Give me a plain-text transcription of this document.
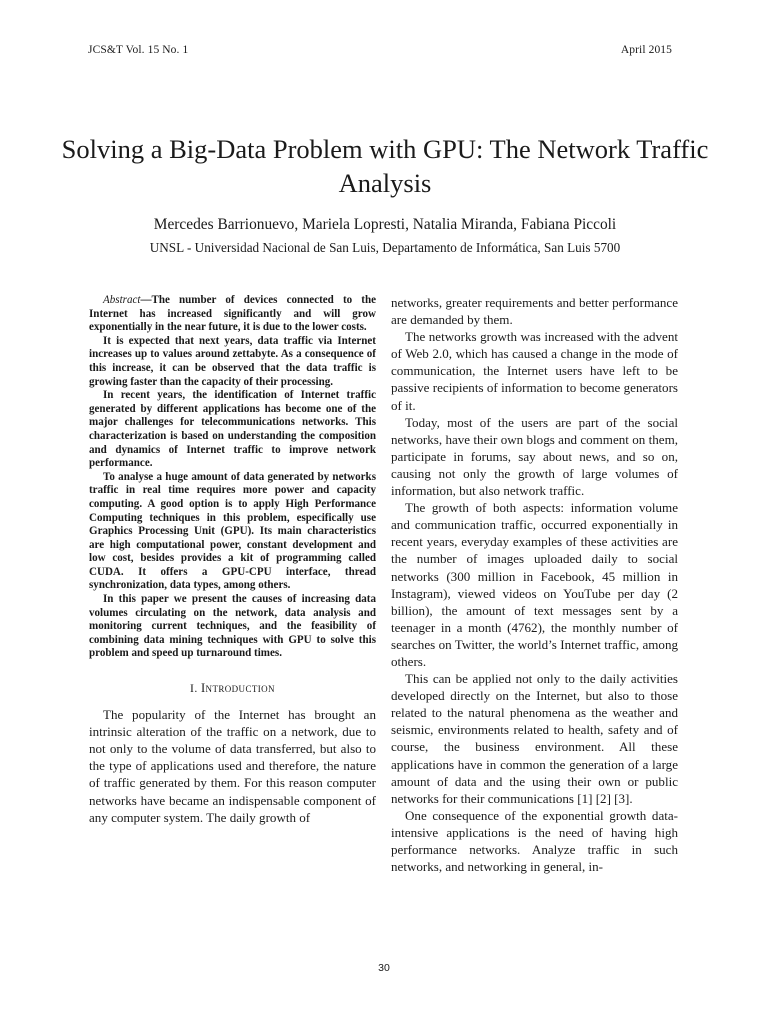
JCS&T Vol. 15 No. 1	April 2015
Solving a Big-Data Problem with GPU: The Network Traffic Analysis
Mercedes Barrionuevo, Mariela Lopresti, Natalia Miranda, Fabiana Piccoli
UNSL - Universidad Nacional de San Luis, Departamento de Informática, San Luis 5700

Abstract—The number of devices connected to the Internet has increased significantly and will grow exponentially in the near future, it is due to the lower costs.

It is expected that next years, data traffic via Internet increases up to values around zettabyte. As a consequence of this increase, it can be observed that the data traffic is growing faster than the capacity of their processing.

In recent years, the identification of Internet traffic generated by different applications has become one of the major challenges for telecommunications networks. This characterization is based on understanding the composition and dynamics of Internet traffic to improve network performance.

To analyse a huge amount of data generated by networks traffic in real time requires more power and capacity computing. A good option is to apply High Performance Computing techniques in this problem, especifically use Graphics Processing Unit (GPU). Its main characteristics are high computational power, constant development and low cost, besides provides a kit of programming called CUDA. It offers a GPU-CPU interface, thread synchronization, data types, among others.

In this paper we present the causes of increasing data volumes circulating on the network, data analysis and monitoring current techniques, and the feasibility of combining data mining techniques with GPU to solve this problem and speed up turnaround times.

I. Introduction

The popularity of the Internet has brought an intrinsic alteration of the traffic on a network, due to not only to the volume of data transferred, but also to the type of applications used and therefore, the nature of traffic generated by them. For this reason computer networks have became an indispensable component of any computer system. The daily growth of

networks, greater requirements and better performance are demanded by them.

The networks growth was increased with the advent of Web 2.0, which has caused a change in the mode of communication, the Internet users have left to be passive recipients of information to become generators of it.

Today, most of the users are part of the social networks, have their own blogs and comment on them, participate in forums, say about news, and so on, causing not only the growth of large volumes of information, but also network traffic.

The growth of both aspects: information volume and communication traffic, occurred exponentially in recent years, everyday examples of these activities are the number of images uploaded daily to social networks (300 million in Facebook, 45 million in Instagram), viewed videos on YouTube per day (2 billion), the amount of text messages sent by a teenager in a month (4762), the monthly number of searches on Twitter, the world’s Internet traffic, among others.

This can be applied not only to the daily activities developed directly on the Internet, but also to those related to the natural phenomena as the weather and seismic, environments related to health, safety and of course, the business environment. All these applications have in common the generation of a large amount of data and the using their own or public networks for their communications [1] [2] [3].

One consequence of the exponential growth data-intensive applications is the need of having high performance networks. Analyze traffic in such networks, and networking in general, in-

30
